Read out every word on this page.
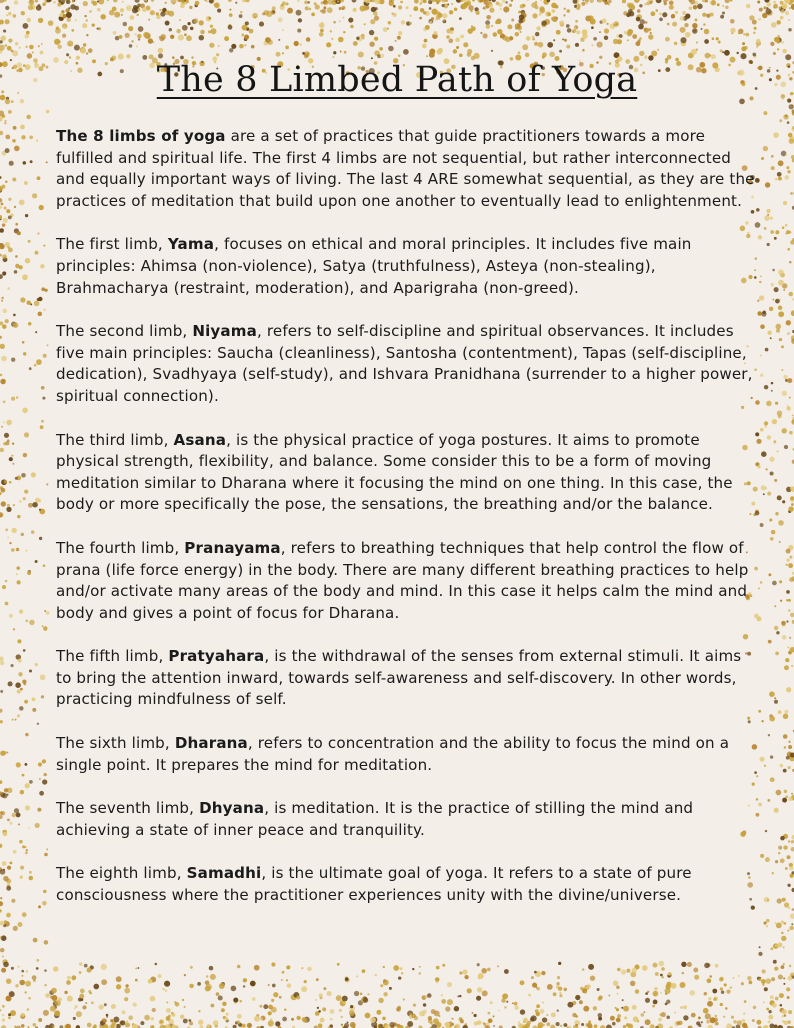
The 8 Limbed Path of Yoga

The 8 limbs of yoga are a set of practices that guide practitioners towards a more fulfilled and spiritual life. The first 4 limbs are not sequential, but rather interconnected and equally important ways of living. The last 4 ARE somewhat sequential, as they are the practices of meditation that build upon one another to eventually lead to enlightenment.

The first limb, Yama, focuses on ethical and moral principles. It includes five main principles: Ahimsa (non-violence), Satya (truthfulness), Asteya (non-stealing), Brahmacharya (restraint, moderation), and Aparigraha (non-greed).

The second limb, Niyama, refers to self-discipline and spiritual observances. It includes five main principles: Saucha (cleanliness), Santosha (contentment), Tapas (self-discipline, dedication), Svadhyaya (self-study), and Ishvara Pranidhana (surrender to a higher power, spiritual connection).

The third limb, Asana, is the physical practice of yoga postures. It aims to promote physical strength, flexibility, and balance. Some consider this to be a form of moving meditation similar to Dharana where it focusing the mind on one thing. In this case, the body or more specifically the pose, the sensations, the breathing and/or the balance.

The fourth limb, Pranayama, refers to breathing techniques that help control the flow of prana (life force energy) in the body. There are many different breathing practices to help and/or activate many areas of the body and mind. In this case it helps calm the mind and body and gives a point of focus for Dharana.

The fifth limb, Pratyahara, is the withdrawal of the senses from external stimuli. It aims to bring the attention inward, towards self-awareness and self-discovery. In other words, practicing mindfulness of self.

The sixth limb, Dharana, refers to concentration and the ability to focus the mind on a single point. It prepares the mind for meditation.

The seventh limb, Dhyana, is meditation. It is the practice of stilling the mind and achieving a state of inner peace and tranquility.

The eighth limb, Samadhi, is the ultimate goal of yoga. It refers to a state of pure consciousness where the practitioner experiences unity with the divine/universe.
